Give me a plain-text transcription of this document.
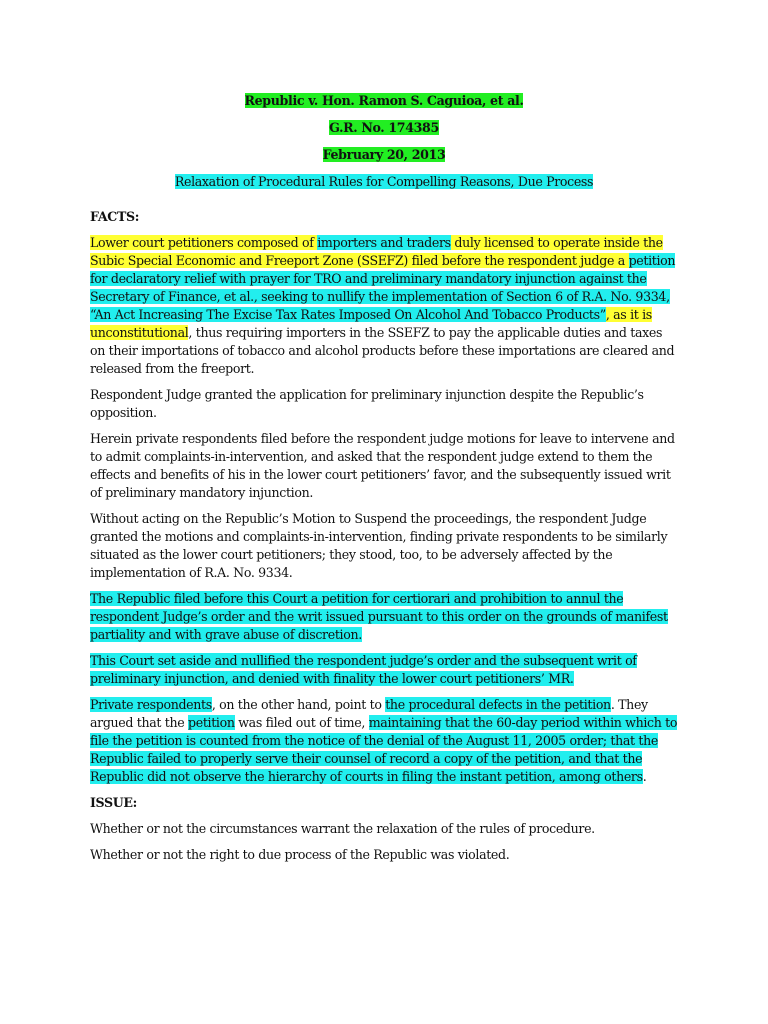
Republic v. Hon. Ramon S. Caguioa, et al.

G.R. No. 174385

February 20, 2013

Relaxation of Procedural Rules for Compelling Reasons, Due Process

FACTS:

Lower court petitioners composed of importers and traders duly licensed to operate inside the Subic Special Economic and Freeport Zone (SSEFZ) filed before the respondent judge a petition for declaratory relief with prayer for TRO and preliminary mandatory injunction against the Secretary of Finance, et al., seeking to nullify the implementation of Section 6 of R.A. No. 9334, “An Act Increasing The Excise Tax Rates Imposed On Alcohol And Tobacco Products”, as it is unconstitutional, thus requiring importers in the SSEFZ to pay the applicable duties and taxes on their importations of tobacco and alcohol products before these importations are cleared and released from the freeport.

Respondent Judge granted the application for preliminary injunction despite the Republic’s opposition.

Herein private respondents filed before the respondent judge motions for leave to intervene and to admit complaints-in-intervention, and asked that the respondent judge extend to them the effects and benefits of his in the lower court petitioners’ favor, and the subsequently issued writ of preliminary mandatory injunction.

Without acting on the Republic’s Motion to Suspend the proceedings, the respondent Judge granted the motions and complaints-in-intervention, finding private respondents to be similarly situated as the lower court petitioners; they stood, too, to be adversely affected by the implementation of R.A. No. 9334.

The Republic filed before this Court a petition for certiorari and prohibition to annul the respondent Judge’s order and the writ issued pursuant to this order on the grounds of manifest partiality and with grave abuse of discretion.

This Court set aside and nullified the respondent judge’s order and the subsequent writ of preliminary injunction, and denied with finality the lower court petitioners’ MR.

Private respondents, on the other hand, point to the procedural defects in the petition. They argued that the petition was filed out of time, maintaining that the 60-day period within which to file the petition is counted from the notice of the denial of the August 11, 2005 order; that the Republic failed to properly serve their counsel of record a copy of the petition, and that the Republic did not observe the hierarchy of courts in filing the instant petition, among others.

ISSUE:

Whether or not the circumstances warrant the relaxation of the rules of procedure.

Whether or not the right to due process of the Republic was violated.
